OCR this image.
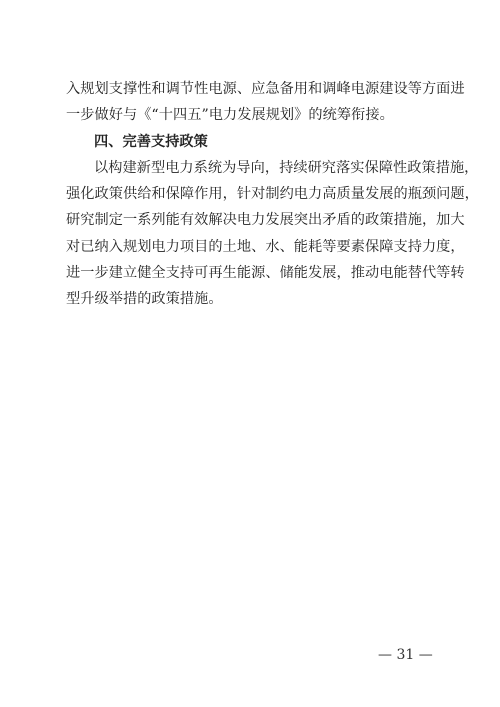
入规划支撑性和调节性电源、应急备用和调峰电源建设等方面进
一步做好与《“十四五”电力发展规划》的统筹衔接。
四、完善支持政策
以构建新型电力系统为导向，持续研究落实保障性政策措施，
强化政策供给和保障作用，针对制约电力高质量发展的瓶颈问题，
研究制定一系列能有效解决电力发展突出矛盾的政策措施，加大
对已纳入规划电力项目的土地、水、能耗等要素保障支持力度，
进一步建立健全支持可再生能源、储能发展，推动电能替代等转
型升级举措的政策措施。
— 31 —
